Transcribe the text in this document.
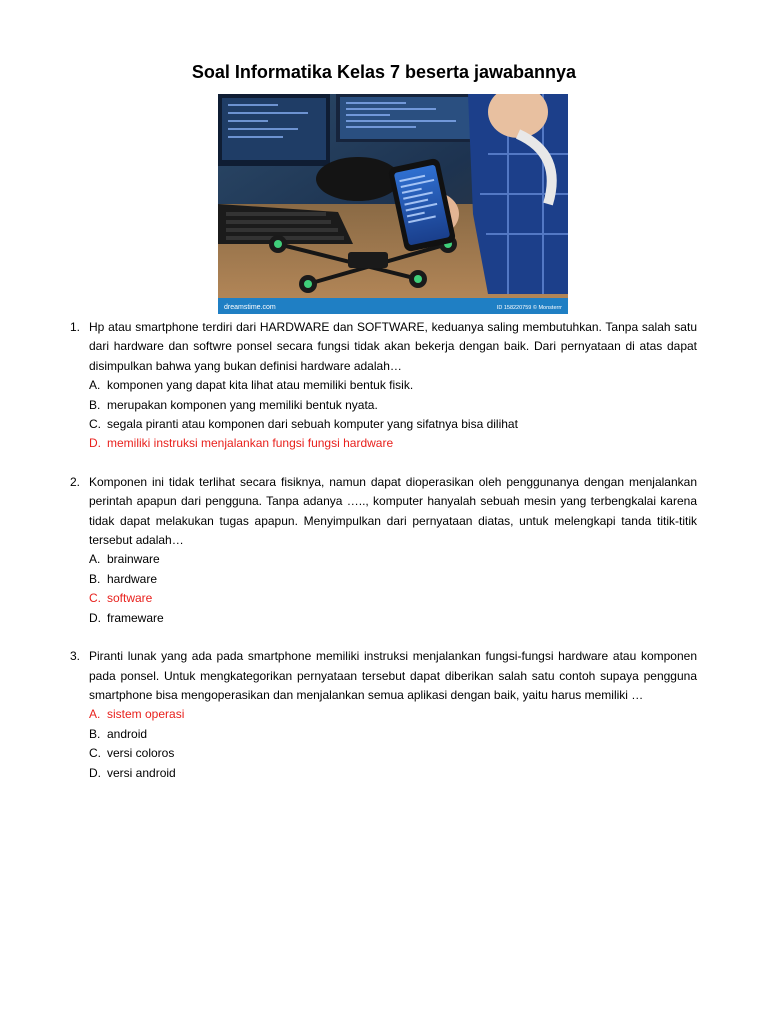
Soal Informatika Kelas 7 beserta jawabannya
dreamstime.com	ID 158220759 © Monsterrr
1. Hp atau smartphone terdiri dari HARDWARE dan SOFTWARE, keduanya saling membutuhkan. Tanpa salah satu dari hardware dan softwre ponsel secara fungsi tidak akan bekerja dengan baik. Dari pernyataan di atas dapat disimpulkan bahwa yang bukan definisi hardware adalah…
A. komponen yang dapat kita lihat atau memiliki bentuk fisik.
B. merupakan komponen yang memiliki bentuk nyata.
C. segala piranti atau komponen dari sebuah komputer yang sifatnya bisa dilihat
D. memiliki instruksi menjalankan fungsi fungsi hardware
2. Komponen ini tidak terlihat secara fisiknya, namun dapat dioperasikan oleh penggunanya dengan menjalankan perintah apapun dari pengguna. Tanpa adanya ….., komputer hanyalah sebuah mesin yang terbengkalai karena tidak dapat melakukan tugas apapun. Menyimpulkan dari pernyataan diatas, untuk melengkapi tanda titik-titik tersebut adalah…
A. brainware
B. hardware
C. software
D. frameware
3. Piranti lunak yang ada pada smartphone memiliki instruksi menjalankan fungsi-fungsi hardware atau komponen pada ponsel. Untuk mengkategorikan pernyataan tersebut dapat diberikan salah satu contoh supaya pengguna smartphone bisa mengoperasikan dan menjalankan semua aplikasi dengan baik, yaitu harus memiliki …
A. sistem operasi
B. android
C. versi coloros
D. versi android
